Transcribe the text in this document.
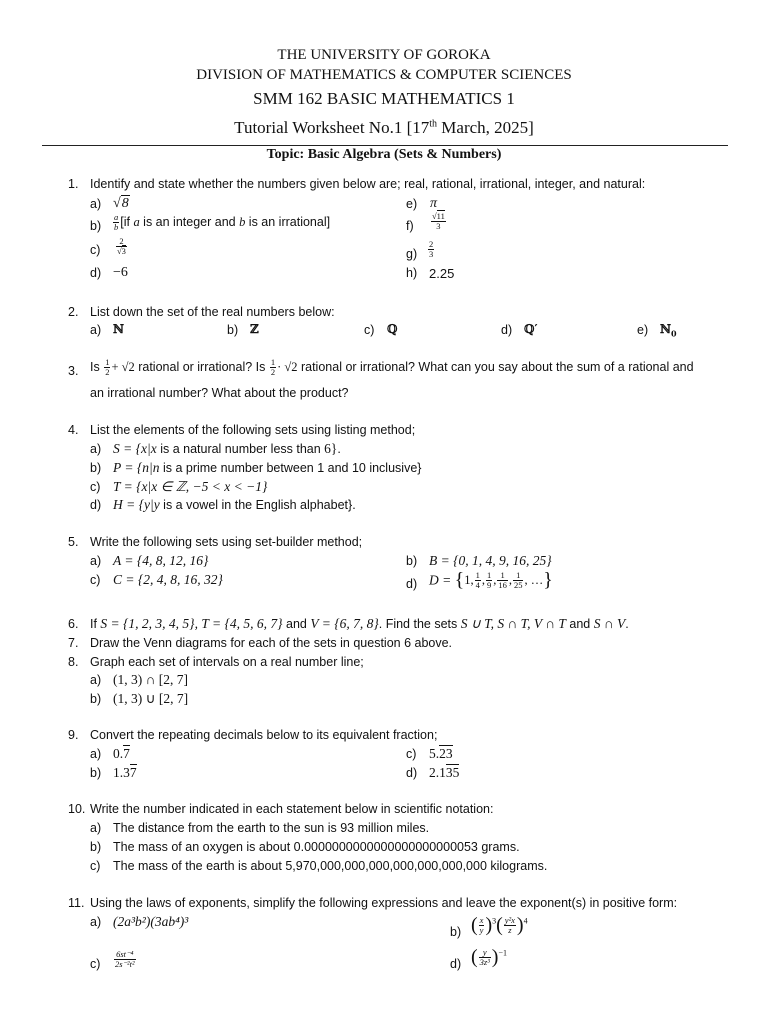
THE UNIVERSITY OF GOROKA
DIVISION OF MATHEMATICS & COMPUTER SCIENCES
SMM 162 BASIC MATHEMATICS 1
Tutorial Worksheet No.1 [17th March, 2025]
Topic: Basic Algebra (Sets & Numbers)
1. Identify and state whether the numbers given below are; real, rational, irrational, integer, and natural:
a) √8
$b) \frac{a}{b} [if$ a is an integer and b is an irrational]
$c) \frac{2}{√3}$
d) −6
e) π
$f) \frac{√11}{3}$
$g) \frac{2}{3}$
h) 2.25
2. List down the set of the real numbers below:
a) ℕ	b) ℤ	c) ℚ	d) ℚ′	e) ℕ$_0$
3. Is $\frac{1}{2} + √2$ rational or irrational? Is $\frac{1}{2} \cdot √2$ rational or irrational? What can you say about the sum of a rational and
an irrational number? What about the product?
4. List the elements of the following sets using listing method;
a) S = {x|x is a natural number less than 6}.
b) P = {n|n is a prime number between 1 and 10 inclusive}
c) T = {x|x ∈ ℤ, −5 < x < −1}
d) H = {y|y is a vowel in the English alphabet}.
5. Write the following sets using set-builder method;
a) A = {4, 8, 12, 16}
c) C = {2, 4, 8, 16, 32}
b) B = {0, 1, 4, 9, 16, 25}
d) D = {1, $\frac{1}{4}$ , $\frac{1}{9}$ , $\frac{1}{16}$ , $\frac{1}{25}$ , …}
6. If S = {1, 2, 3, 4, 5}, T = {4, 5, 6, 7} and V = {6, 7, 8}. Find the sets S ∪ T, S ∩ T, V ∩ T and S ∩ V.
7. Draw the Venn diagrams for each of the sets in question 6 above.
8. Graph each set of intervals on a real number line;
a) (1, 3) ∩ [2, 7]
b) (1, 3) ∪ [2, 7]
9. Convert the repeating decimals below to its equivalent fraction;
a) 0.7
b) 1.37
c) 5.23
d) 2.135
10. Write the number indicated in each statement below in scientific notation:
a) The distance from the earth to the sun is 93 million miles.
b) The mass of an oxygen is about 0.0000000000000000000000053 grams.
c) The mass of the earth is about 5,970,000,000,000,000,000,000,000 kilograms.
11. Using the laws of exponents, simplify the following expressions and leave the exponent(s) in positive form:
a) (2a³b²)(3ab⁴)³
b) ( $\frac{x}{y} )^3( \frac{\text{y²x}}{z} )^4$
$c) \frac{\text{6st⁻⁴}}{\text{2s⁻²t²}}$	d) ( $\frac{y}{\text{3z³}} )^{-1}$
